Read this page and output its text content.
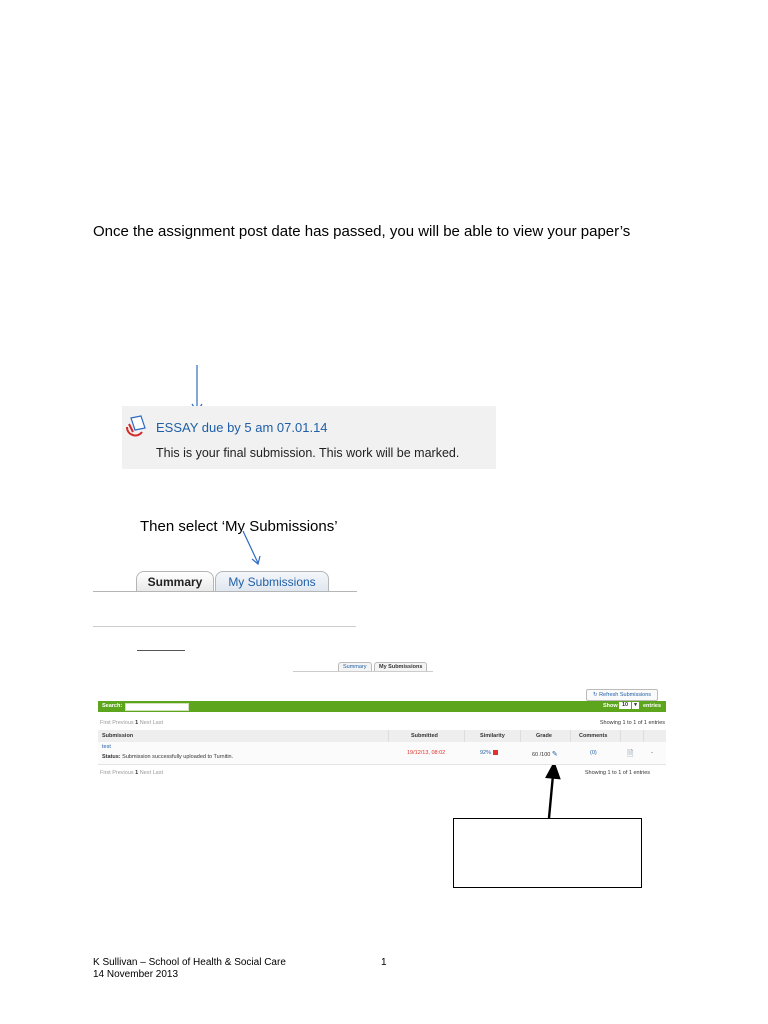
Once the assignment post date has passed, you will be able to view your paper’s
ESSAY due by 5 am 07.01.14
This is your final submission. This work will be marked.
Then select ‘My Submissions’
Summary	My Submissions
Summary	My Submissions
↻ Refresh Submissions
Search:	Show 10	▾	entries
First Previous 1 Next Last	Showing 1 to 1 of 1 entries
Submission	Submitted	Similarity	Grade	Comments
test
Status: Submission successfully uploaded to Turnitin.
19/12/13, 08:02	92%	60 /100 ✎	(0)	🗎	-
First Previous 1 Next Last	Showing 1 to 1 of 1 entries
K Sullivan – School of Health & Social Care
14 November 2013
1
